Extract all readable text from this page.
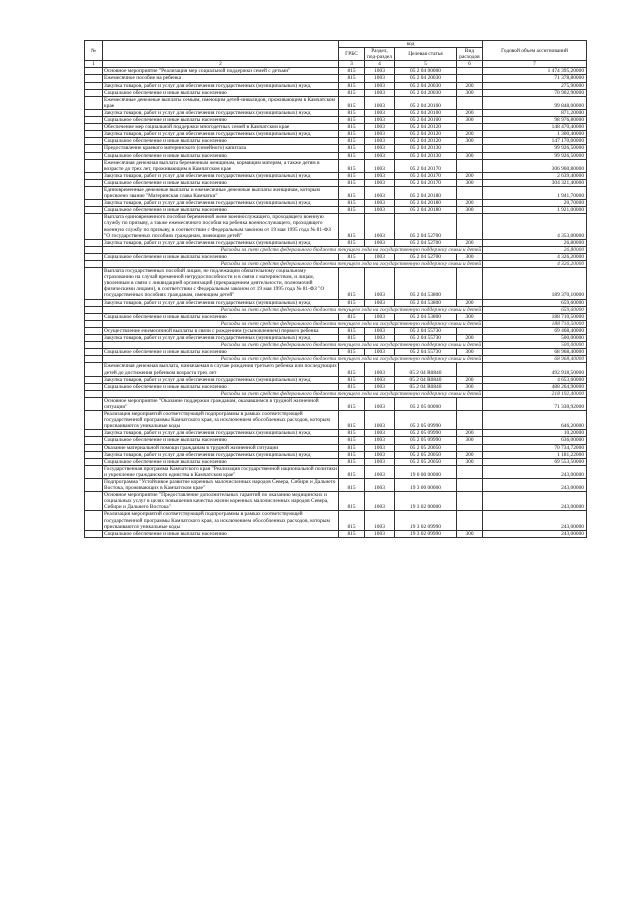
№		код				Годовой объем ассигнований
		ГРБС	Раздел, под-раздел	Целевая статья	Вид расходов	
1	2	3	4	5	6	7
	Основное мероприятие "Реализация мер социальной поддержки семей с детьми"	815	1003	05 2 04 00000		1 474 395,20000
	Ежемесячное пособие на ребенка	815	1003	05 2 04 20030		71 378,80000
	Закупка товаров, работ и услуг для обеспечения государственных (муниципальных) нужд	815	1003	05 2 04 20030	200	275,90000
	Социальное обеспечение и иные выплаты населению	815	1003	05 2 04 20030	300	70 902,90000
	Ежемесячные денежные выплаты семьям, имеющим детей-инвалидов, проживающим в Камчатском крае	815	1003	05 2 04 20100		99 848,00000
	Закупка товаров, работ и услуг для обеспечения государственных (муниципальных) нужд	815	1003	05 2 04 20100	200	871,20000
	Социальное обеспечение и иные выплаты населению	815	1003	05 2 04 20100	300	98 976,80000
	Обеспечение мер социальной поддержки многодетных семей в Камчатском крае	815	1003	05 2 04 20120		148 470,40000
	Закупка товаров, работ и услуг для обеспечения государственных (муниципальных) нужд	815	1003	05 2 04 20120	200	1 300,40000
	Социальное обеспечение и иные выплаты населению	815	1003	05 2 04 20120	300	147 170,00000
	Предоставление краевого материнского (семейного) капитала	815	1003	05 2 04 20130		99 926,50000
	Социальное обеспечение и иные выплаты населению	815	1003	05 2 04 20130	300	99 926,50000
	Ежемесячная денежная выплата беременным женщинам, кормящим матерям, а также детям в возрасте до трех лет, проживающим в Камчатском крае	815	1003	05 2 04 20170		306 960,80000
	Закупка товаров, работ и услуг для обеспечения государственных (муниципальных) нужд	815	1003	05 2 04 20170	200	2 639,40000
	Социальное обеспечение и иные выплаты населению	815	1003	05 2 04 20170	300	304 321,40000
	Единовременные денежные выплаты и ежемесячные денежные выплаты женщинам, которым присвоено звание "Материнская слава Камчатки"	815	1003	05 2 04 20180		1 941,70000
	Закупка товаров, работ и услуг для обеспечения государственных (муниципальных) нужд	815	1003	05 2 04 20180	200	20,70000
	Социальное обеспечение и иные выплаты населению	815	1003	05 2 04 20180	300	1 921,00000
	Выплата единовременного пособия беременной жене военнослужащего, проходящего военную службу по призыву, а также ежемесячного пособия на ребенка военнослужащего, проходящего военную службу по призыву, в соответствии с Федеральным законом от 19 мая 1995 года № 81-ФЗ "О государственных пособиях гражданам, имеющим детей"	815	1003	05 2 04 52700		4 353,00000
	Закупка товаров, работ и услуг для обеспечения государственных (муниципальных) нужд	815	1003	05 2 04 52700	200	26,80000
	Расходы за счет средств федерального бюджета текущего года на государственную поддержку семьи и детей					26,80000
	Социальное обеспечение и иные выплаты населению	815	1003	05 2 04 52700	300	4 326,20000
	Расходы за счет средств федерального бюджета текущего года на государственную поддержку семьи и детей					4 326,20000
	Выплата государственных пособий лицам, не подлежащим обязательному социальному страхованию на случай временной нетрудоспособности и в связи с материнством, и лицам, уволенным в связи с ликвидацией организаций (прекращением деятельности, полномочий физическими лицами), в соответствии с Федеральным законом от 19 мая 1995 года № 81-ФЗ "О государственных пособиях гражданам, имеющим детей"	815	1003	05 2 04 53800		189 370,10000
	Закупка товаров, работ и услуг для обеспечения государственных (муниципальных) нужд	815	1003	05 2 04 53800	200	659,60000
	Расходы за счет средств федерального бюджета текущего года на государственную поддержку семьи и детей					659,60000
	Социальное обеспечение и иные выплаты населению	815	1003	05 2 04 53800	300	188 710,50000
	Расходы за счет средств федерального бюджета текущего года на государственную поддержку семьи и детей					188 710,50000
	Осуществление ежемесячной выплаты в связи с рождением (усыновлением) первого ребенка	815	1003	05 2 04 55730		69 468,40000
	Закупка товаров, работ и услуг для обеспечения государственных (муниципальных) нужд	815	1003	05 2 04 55730	200	500,00000
	Расходы за счет средств федерального бюджета текущего года на государственную поддержку семьи и детей					500,00000
	Социальное обеспечение и иные выплаты населению	815	1003	05 2 04 55730	300	68 968,40000
	Расходы за счет средств федерального бюджета текущего года на государственную поддержку семьи и детей					68 968,40000
	Ежемесячная денежная выплата, назначаемая в случае рождения третьего ребенка или последующих детей до достижения ребенком возраста трех лет	815	1003	05 2 04 R0840		492 918,50000
	Закупка товаров, работ и услуг для обеспечения государственных (муниципальных) нужд	815	1003	05 2 04 R0840	200	4 653,60000
	Социальное обеспечение и иные выплаты населению	815	1003	05 2 04 R0840	300	488 264,90000
	Расходы за счет средств федерального бюджета текущего года на государственную поддержку семьи и детей					218 192,40000
	Основное мероприятие "Оказание поддержки гражданам, оказавшимся в трудной жизненной ситуации"	815	1003	05 2 05 00000		71 330,92000
	Реализация мероприятий соответствующей подпрограммы в рамках соответствующей государственной программы Камчатского края, за исключением обособленных расходов, которым присваиваются уникальные коды	815	1003	05 2 05 09990		646,20000
	Закупка товаров, работ и услуг для обеспечения государственных (муниципальных) нужд	815	1003	05 2 05 09990	200	10,20000
	Социальное обеспечение и иные выплаты населению	815	1003	05 2 05 09990	300	636,00000
	Оказание материальной помощи гражданам в трудной жизненной ситуации	815	1003	05 2 05 20050		70 734,72000
	Закупка товаров, работ и услуг для обеспечения государственных (муниципальных) нужд	815	1003	05 2 05 20050	200	1 181,22000
	Социальное обеспечение и иные выплаты населению	815	1003	05 2 05 20050	300	69 553,50000
	Государственная программа Камчатского края "Реализация государственной национальной политики и укрепление гражданского единства в Камчатском крае"	815	1003	19 0 00 00000		243,00000
	Подпрограмма "Устойчивое развитие коренных малочисленных народов Севера, Сибири и Дальнего Востока, проживающих в Камчатском крае"	815	1003	19 3 00 00000		243,00000
	Основное мероприятие "Предоставление дополнительных гарантий по оказанию медицинских и социальных услуг в целях повышения качества жизни коренных малочисленных народов Севера, Сибири и Дальнего Востока"	815	1003	19 3 02 00000		243,00000
	Реализация мероприятий соответствующей подпрограммы в рамках соответствующей государственной программы Камчатского края, за исключением обособленных расходов, которым присваиваются уникальные коды	815	1003	19 3 02 09990		243,00000
	Социальное обеспечение и иные выплаты населению	815	1003	19 3 02 09990	300	243,00000
